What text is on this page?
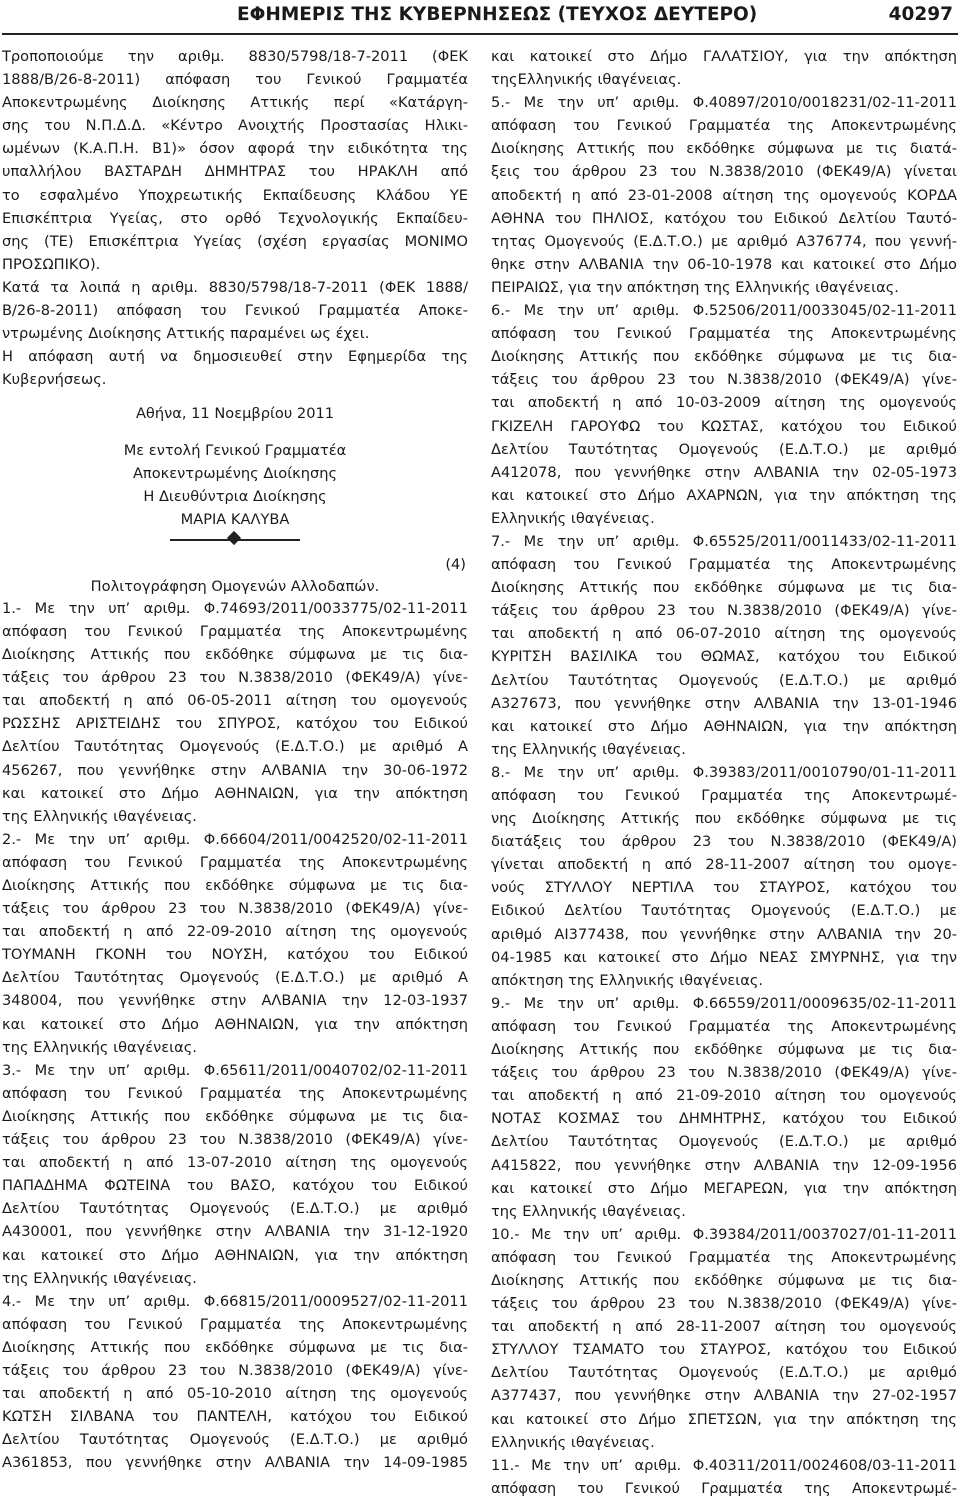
ΕΦΗΜΕΡΙΣ ΤΗΣ ΚΥΒΕΡΝΗΣΕΩΣ (ΤΕΥΧΟΣ ΔΕΥΤΕΡΟ)	40297
Τροποποιούμε την αριθμ. 8830/5798/18-7-2011 (ΦΕΚ
1888/Β/26-8-2011) απόφαση του Γενικού Γραμματέα
Αποκεντρωμένης Διοίκησης Αττικής περί «Κατάργη-
σης του Ν.Π.Δ.Δ. «Κέντρο Ανοιχτής Προστασίας Ηλικι-
ωμένων (Κ.Α.Π.Η. Β1)» όσον αφορά την ειδικότητα της
υπαλλήλου ΒΑΣΤΑΡΔΗ ΔΗΜΗΤΡΑΣ του ΗΡΑΚΛΗ από
το εσφαλμένο Υποχρεωτικής Εκπαίδευσης Κλάδου ΥΕ
Επισκέπτρια Υγείας, στο ορθό Τεχνολογικής Εκπαίδευ-
σης (ΤΕ) Επισκέπτρια Υγείας (σχέση εργασίας ΜΟΝΙΜΟ
ΠΡΟΣΩΠΙΚΟ).
Κατά τα λοιπά η αριθμ. 8830/5798/18-7-2011 (ΦΕΚ 1888/
Β/26-8-2011) απόφαση του Γενικού Γραμματέα Αποκε-
ντρωμένης Διοίκησης Αττικής παραμένει ως έχει.
Η απόφαση αυτή να δημοσιευθεί στην Εφημερίδα της
Κυβερνήσεως.
Αθήνα, 11 Νοεμβρίου 2011
Με εντολή Γενικού Γραμματέα
Αποκεντρωμένης Διοίκησης
Η Διευθύντρια Διοίκησης
ΜΑΡΙΑ ΚΑΛΥΒΑ
(4)
Πολιτογράφηση Ομογενών Αλλοδαπών.
1.- Με την υπ’ αριθμ. Φ.74693/2011/0033775/02-11-2011
απόφαση του Γενικού Γραμματέα της Αποκεντρωμένης
Διοίκησης Αττικής που εκδόθηκε σύμφωνα με τις δια-
τάξεις του άρθρου 23 του Ν.3838/2010 (ΦΕΚ49/Α) γίνε-
ται αποδεκτή η από 06-05-2011 αίτηση του ομογενούς
ΡΩΣΣΗΣ ΑΡΙΣΤΕΙΔΗΣ του ΣΠΥΡΟΣ, κατόχου του Ειδικού
Δελτίου Ταυτότητας Ομογενούς (Ε.Δ.Τ.Ο.) με αριθμό Α
456267, που γεννήθηκε στην ΑΛΒΑΝΙΑ την 30-06-1972
και κατοικεί στο Δήμο ΑΘΗΝΑΙΩΝ, για την απόκτηση
της Ελληνικής ιθαγένειας.
2.- Με την υπ’ αριθμ. Φ.66604/2011/0042520/02-11-2011
απόφαση του Γενικού Γραμματέα της Αποκεντρωμένης
Διοίκησης Αττικής που εκδόθηκε σύμφωνα με τις δια-
τάξεις του άρθρου 23 του Ν.3838/2010 (ΦΕΚ49/Α) γίνε-
ται αποδεκτή η από 22-09-2010 αίτηση της ομογενούς
ΤΟΥΜΑΝΗ ΓΚΟΝΗ του ΝΟΥΣΗ, κατόχου του Ειδικού
Δελτίου Ταυτότητας Ομογενούς (Ε.Δ.Τ.Ο.) με αριθμό Α
348004, που γεννήθηκε στην ΑΛΒΑΝΙΑ την 12-03-1937
και κατοικεί στο Δήμο ΑΘΗΝΑΙΩΝ, για την απόκτηση
της Ελληνικής ιθαγένειας.
3.- Με την υπ’ αριθμ. Φ.65611/2011/0040702/02-11-2011
απόφαση του Γενικού Γραμματέα της Αποκεντρωμένης
Διοίκησης Αττικής που εκδόθηκε σύμφωνα με τις δια-
τάξεις του άρθρου 23 του Ν.3838/2010 (ΦΕΚ49/Α) γίνε-
ται αποδεκτή η από 13-07-2010 αίτηση της ομογενούς
ΠΑΠΑΔΗΜΑ ΦΩΤΕΙΝΑ του ΒΑΣΟ, κατόχου του Ειδικού
Δελτίου Ταυτότητας Ομογενούς (Ε.Δ.Τ.Ο.) με αριθμό
Α430001, που γεννήθηκε στην ΑΛΒΑΝΙΑ την 31-12-1920
και κατοικεί στο Δήμο ΑΘΗΝΑΙΩΝ, για την απόκτηση
της Ελληνικής ιθαγένειας.
4.- Με την υπ’ αριθμ. Φ.66815/2011/0009527/02-11-2011
απόφαση του Γενικού Γραμματέα της Αποκεντρωμένης
Διοίκησης Αττικής που εκδόθηκε σύμφωνα με τις δια-
τάξεις του άρθρου 23 του Ν.3838/2010 (ΦΕΚ49/Α) γίνε-
ται αποδεκτή η από 05-10-2010 αίτηση της ομογενούς
ΚΩΤΣΗ ΣΙΛΒΑΝΑ του ΠΑΝΤΕΛΗ, κατόχου του Ειδικού
Δελτίου Ταυτότητας Ομογενούς (Ε.Δ.Τ.Ο.) με αριθμό
Α361853, που γεννήθηκε στην ΑΛΒΑΝΙΑ την 14-09-1985
και κατοικεί στο Δήμο ΓΑΛΑΤΣΙΟΥ, για την απόκτηση
τηςΕλληνικής ιθαγένειας.
5.- Με την υπ’ αριθμ. Φ.40897/2010/0018231/02-11-2011
απόφαση του Γενικού Γραμματέα της Αποκεντρωμένης
Διοίκησης Αττικής που εκδόθηκε σύμφωνα με τις διατά-
ξεις του άρθρου 23 του Ν.3838/2010 (ΦΕΚ49/Α) γίνεται
αποδεκτή η από 23-01-2008 αίτηση της ομογενούς ΚΟΡΔΑ
ΑΘΗΝΑ του ΠΗΛΙΟΣ, κατόχου του Ειδικού Δελτίου Ταυτό-
τητας Ομογενούς (Ε.Δ.Τ.Ο.) με αριθμό Α376774, που γεννή-
θηκε στην ΑΛΒΑΝΙΑ την 06-10-1978 και κατοικεί στο Δήμο
ΠΕΙΡΑΙΩΣ, για την απόκτηση της Ελληνικής ιθαγένειας.
6.- Με την υπ’ αριθμ. Φ.52506/2011/0033045/02-11-2011
απόφαση του Γενικού Γραμματέα της Αποκεντρωμένης
Διοίκησης Αττικής που εκδόθηκε σύμφωνα με τις δια-
τάξεις του άρθρου 23 του Ν.3838/2010 (ΦΕΚ49/Α) γίνε-
ται αποδεκτή η από 10-03-2009 αίτηση της ομογενούς
ΓΚΙΖΕΛΗ ΓΑΡΟΥΦΩ του ΚΩΣΤΑΣ, κατόχου του Ειδικού
Δελτίου Ταυτότητας Ομογενούς (Ε.Δ.Τ.Ο.) με αριθμό
Α412078, που γεννήθηκε στην ΑΛΒΑΝΙΑ την 02-05-1973
και κατοικεί στο Δήμο ΑΧΑΡΝΩΝ, για την απόκτηση της
Ελληνικής ιθαγένειας.
7.- Με την υπ’ αριθμ. Φ.65525/2011/0011433/02-11-2011
απόφαση του Γενικού Γραμματέα της Αποκεντρωμένης
Διοίκησης Αττικής που εκδόθηκε σύμφωνα με τις δια-
τάξεις του άρθρου 23 του Ν.3838/2010 (ΦΕΚ49/Α) γίνε-
ται αποδεκτή η από 06-07-2010 αίτηση της ομογενούς
ΚΥΡΙΤΣΗ ΒΑΣΙΛΙΚΑ του ΘΩΜΑΣ, κατόχου του Ειδικού
Δελτίου Ταυτότητας Ομογενούς (Ε.Δ.Τ.Ο.) με αριθμό
Α327673, που γεννήθηκε στην ΑΛΒΑΝΙΑ την 13-01-1946
και κατοικεί στο Δήμο ΑΘΗΝΑΙΩΝ, για την απόκτηση
της Ελληνικής ιθαγένειας.
8.- Με την υπ’ αριθμ. Φ.39383/2011/0010790/01-11-2011
απόφαση του Γενικού Γραμματέα της Αποκεντρωμέ-
νης Διοίκησης Αττικής που εκδόθηκε σύμφωνα με τις
διατάξεις του άρθρου 23 του Ν.3838/2010 (ΦΕΚ49/Α)
γίνεται αποδεκτή η από 28-11-2007 αίτηση του ομογε-
νούς ΣΤΥΛΛΟΥ ΝΕΡΤΙΛΑ του ΣΤΑΥΡΟΣ, κατόχου του
Ειδικού Δελτίου Ταυτότητας Ομογενούς (Ε.Δ.Τ.Ο.) με
αριθμό ΑΙ377438, που γεννήθηκε στην ΑΛΒΑΝΙΑ την 20-
04-1985 και κατοικεί στο Δήμο ΝΕΑΣ ΣΜΥΡΝΗΣ, για την
απόκτηση της Ελληνικής ιθαγένειας.
9.- Με την υπ’ αριθμ. Φ.66559/2011/0009635/02-11-2011
απόφαση του Γενικού Γραμματέα της Αποκεντρωμένης
Διοίκησης Αττικής που εκδόθηκε σύμφωνα με τις δια-
τάξεις του άρθρου 23 του Ν.3838/2010 (ΦΕΚ49/Α) γίνε-
ται αποδεκτή η από 21-09-2010 αίτηση του ομογενούς
ΝΟΤΑΣ ΚΟΣΜΑΣ του ΔΗΜΗΤΡΗΣ, κατόχου του Ειδικού
Δελτίου Ταυτότητας Ομογενούς (Ε.Δ.Τ.Ο.) με αριθμό
Α415822, που γεννήθηκε στην ΑΛΒΑΝΙΑ την 12-09-1956
και κατοικεί στο Δήμο ΜΕΓΑΡΕΩΝ, για την απόκτηση
της Ελληνικής ιθαγένειας.
10.- Με την υπ’ αριθμ. Φ.39384/2011/0037027/01-11-2011
απόφαση του Γενικού Γραμματέα της Αποκεντρωμένης
Διοίκησης Αττικής που εκδόθηκε σύμφωνα με τις δια-
τάξεις του άρθρου 23 του Ν.3838/2010 (ΦΕΚ49/Α) γίνε-
ται αποδεκτή η από 28-11-2007 αίτηση του ομογενούς
ΣΤΥΛΛΟΥ ΤΣΑΜΑΤΟ του ΣΤΑΥΡΟΣ, κατόχου του Ειδικού
Δελτίου Ταυτότητας Ομογενούς (Ε.Δ.Τ.Ο.) με αριθμό
Α377437, που γεννήθηκε στην ΑΛΒΑΝΙΑ την 27-02-1957
και κατοικεί στο Δήμο ΣΠΕΤΣΩΝ, για την απόκτηση της
Ελληνικής ιθαγένειας.
11.- Με την υπ’ αριθμ. Φ.40311/2011/0024608/03-11-2011
απόφαση του Γενικού Γραμματέα της Αποκεντρωμέ-
